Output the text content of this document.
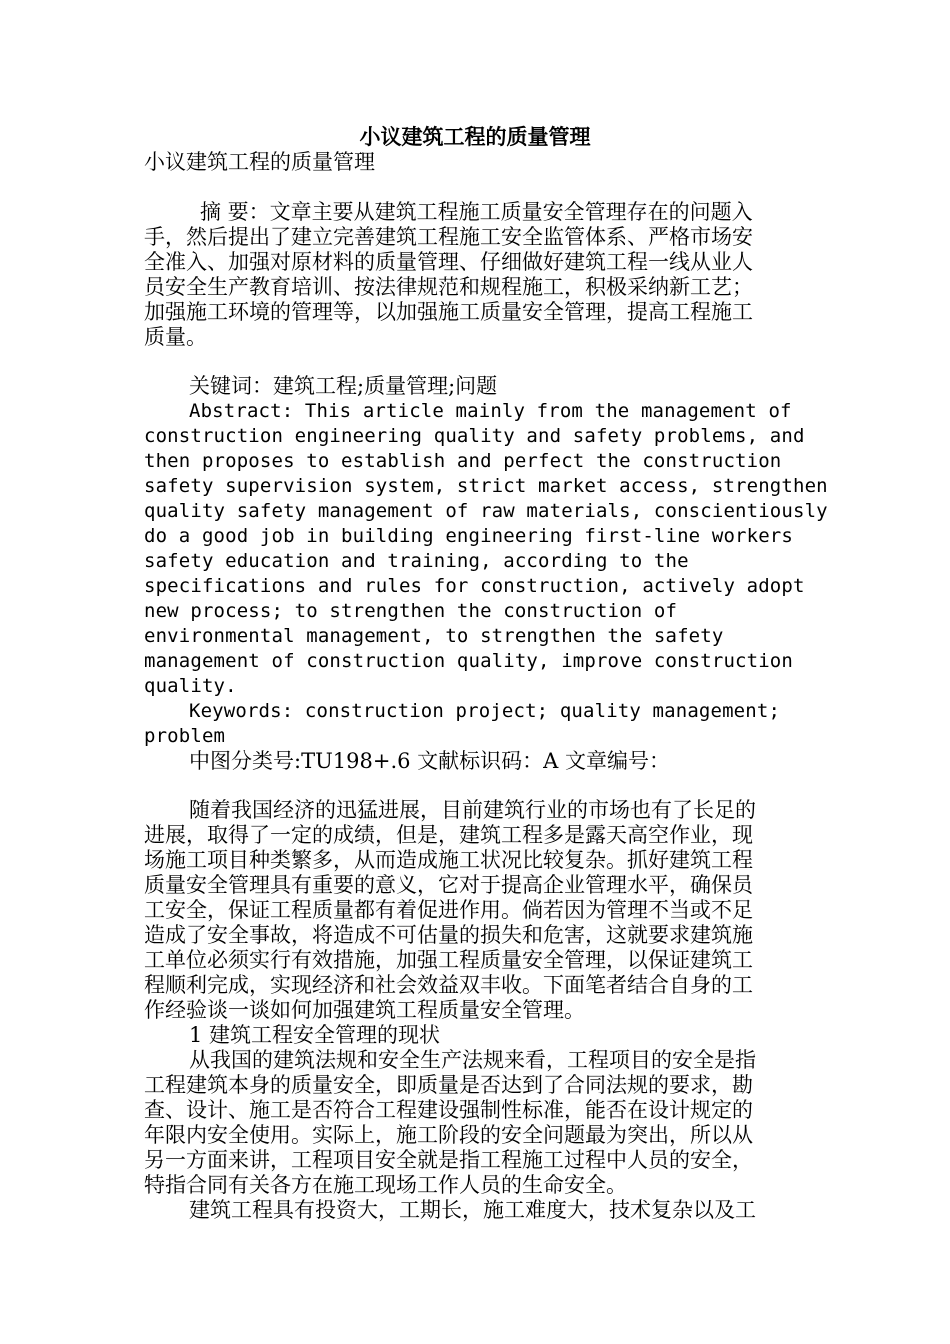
小议建筑工程的质量管理

小议建筑工程的质量管理

摘 要：文章主要从建筑工程施工质量安全管理存在的问题入

手，然后提出了建立完善建筑工程施工安全监管体系、严格市场安

全准入、加强对原材料的质量管理、仔细做好建筑工程一线从业人

员安全生产教育培训、按法律规范和规程施工，积极采纳新工艺；

加强施工环境的管理等，以加强施工质量安全管理，提高工程施工

质量。

关键词：建筑工程;质量管理;问题

Abstract: This article mainly from the management of

construction engineering quality and safety problems, and

then proposes to establish and perfect the construction

safety supervision system, strict market access, strengthen

quality safety management of raw materials, conscientiously

do a good job in building engineering first-line workers

safety education and training, according to the

specifications and rules for construction, actively adopt

new process; to strengthen the construction of

environmental management, to strengthen the safety

management of construction quality, improve construction

quality.

Keywords: construction project; quality management;

problem

中图分类号:TU198+.6 文献标识码：A 文章编号：

随着我国经济的迅猛进展，目前建筑行业的市场也有了长足的

进展，取得了一定的成绩，但是，建筑工程多是露天高空作业，现

场施工项目种类繁多，从而造成施工状况比较复杂。抓好建筑工程

质量安全管理具有重要的意义，它对于提高企业管理水平，确保员

工安全，保证工程质量都有着促进作用。倘若因为管理不当或不足

造成了安全事故，将造成不可估量的损失和危害，这就要求建筑施

工单位必须实行有效措施，加强工程质量安全管理，以保证建筑工

程顺利完成，实现经济和社会效益双丰收。下面笔者结合自身的工

作经验谈一谈如何加强建筑工程质量安全管理。

1 建筑工程安全管理的现状

从我国的建筑法规和安全生产法规来看，工程项目的安全是指

工程建筑本身的质量安全，即质量是否达到了合同法规的要求，勘

查、设计、施工是否符合工程建设强制性标准，能否在设计规定的

年限内安全使用。实际上，施工阶段的安全问题最为突出，所以从

另一方面来讲，工程项目安全就是指工程施工过程中人员的安全，

特指合同有关各方在施工现场工作人员的生命安全。

建筑工程具有投资大，工期长，施工难度大，技术复杂以及工
